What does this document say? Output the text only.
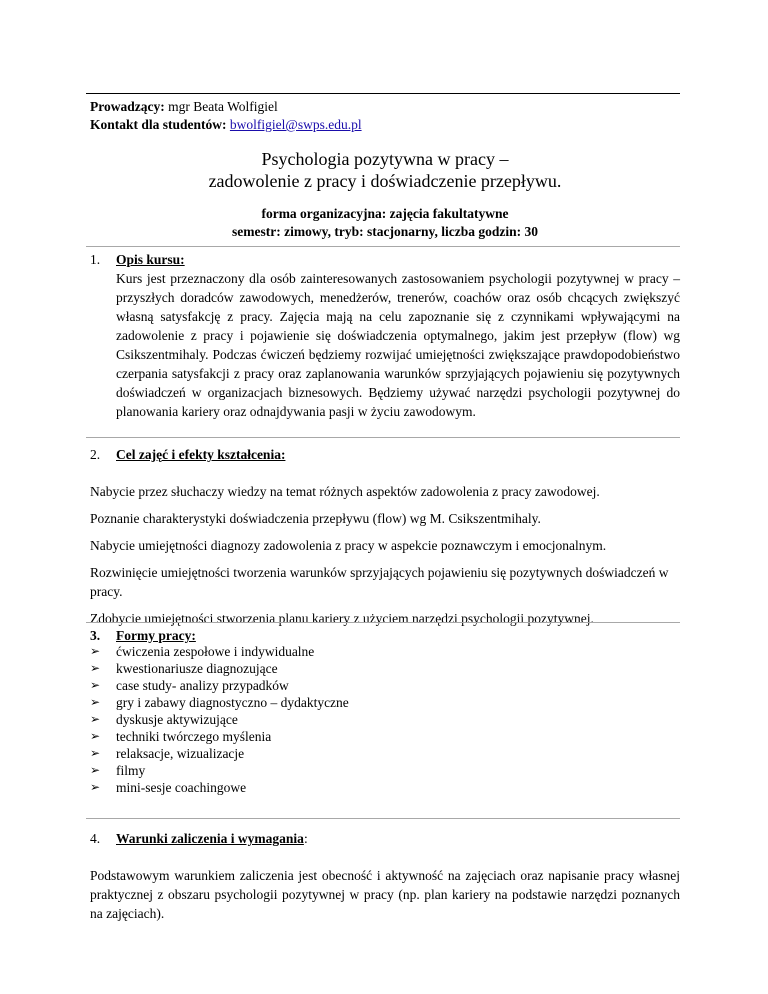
Prowadzący: mgr Beata Wolfigiel
Kontakt dla studentów: bwolfigiel@swps.edu.pl
Psychologia pozytywna w pracy –
zadowolenie z pracy i doświadczenie przepływu.
forma organizacyjna: zajęcia fakultatywne
semestr: zimowy, tryb: stacjonarny, liczba godzin: 30
1. Opis kursu:
Kurs jest przeznaczony dla osób zainteresowanych zastosowaniem psychologii pozytywnej w pracy – przyszłych doradców zawodowych, menedżerów, trenerów, coachów oraz osób chcących zwiększyć własną satysfakcję z pracy. Zajęcia mają na celu zapoznanie się z czynnikami wpływającymi na zadowolenie z pracy i pojawienie się doświadczenia optymalnego, jakim jest przepływ (flow) wg Csikszentmihaly. Podczas ćwiczeń będziemy rozwijać umiejętności zwiększające prawdopodobieństwo czerpania satysfakcji z pracy oraz zaplanowania warunków sprzyjających pojawieniu się pozytywnych doświadczeń w organizacjach biznesowych. Będziemy używać narzędzi psychologii pozytywnej do planowania kariery oraz odnajdywania pasji w życiu zawodowym.
2. Cel zajęć i efekty kształcenia:

Nabycie przez słuchaczy wiedzy na temat różnych aspektów zadowolenia z pracy zawodowej.

Poznanie charakterystyki doświadczenia przepływu (flow) wg M. Csikszentmihaly.

Nabycie umiejętności diagnozy zadowolenia z pracy w aspekcie poznawczym i emocjonalnym.

Rozwinięcie umiejętności tworzenia warunków sprzyjających pojawieniu się pozytywnych doświadczeń w pracy.

Zdobycie umiejętności stworzenia planu kariery z użyciem narzędzi psychologii pozytywnej.

3. Formy pracy:
➢ ćwiczenia zespołowe i indywidualne
➢ kwestionariusze diagnozujące
➢ case study- analizy przypadków
➢ gry i zabawy diagnostyczno – dydaktyczne
➢ dyskusje aktywizujące
➢ techniki twórczego myślenia
➢ relaksacje, wizualizacje
➢ filmy
➢ mini-sesje coachingowe
4. Warunki zaliczenia i wymagania :
Podstawowym warunkiem zaliczenia jest obecność i aktywność na zajęciach oraz napisanie pracy własnej praktycznej z obszaru psychologii pozytywnej w pracy (np. plan kariery na podstawie narzędzi poznanych na zajęciach).
